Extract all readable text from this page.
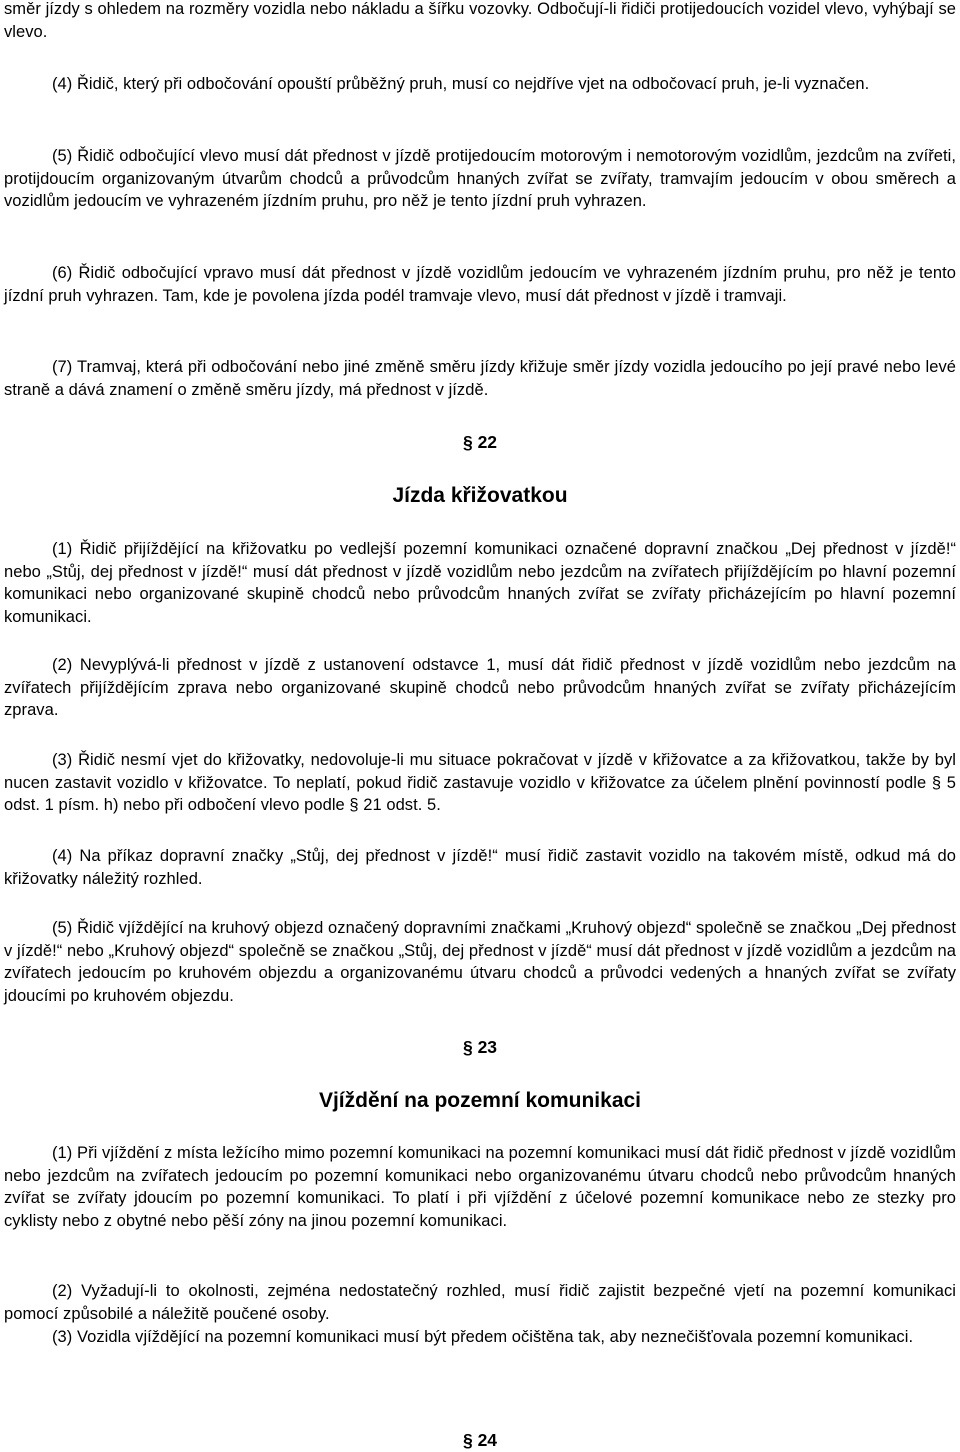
směr jízdy s ohledem na rozměry vozidla nebo nákladu a šířku vozovky. Odbočují-li řidiči protijedoucích vozidel vlevo, vyhýbají se vlevo.

(4) Řidič, který při odbočování opouští průběžný pruh, musí co nejdříve vjet na odbočovací pruh, je-li vyznačen.

(5) Řidič odbočující vlevo musí dát přednost v jízdě protijedoucím motorovým i nemotorovým vozidlům, jezdcům na zvířeti, protijdoucím organizovaným útvarům chodců a průvodcům hnaných zvířat se zvířaty, tramvajím jedoucím v obou směrech a vozidlům jedoucím ve vyhrazeném jízdním pruhu, pro něž je tento jízdní pruh vyhrazen.

(6) Řidič odbočující vpravo musí dát přednost v jízdě vozidlům jedoucím ve vyhrazeném jízdním pruhu, pro něž je tento jízdní pruh vyhrazen. Tam, kde je povolena jízda podél tramvaje vlevo, musí dát přednost v jízdě i tramvaji.

(7) Tramvaj, která při odbočování nebo jiné změně směru jízdy křižuje směr jízdy vozidla jedoucího po její pravé nebo levé straně a dává znamení o změně směru jízdy, má přednost v jízdě.

§ 22

Jízda křižovatkou

(1) Řidič přijíždějící na křižovatku po vedlejší pozemní komunikaci označené dopravní značkou „Dej přednost v jízdě!“ nebo „Stůj, dej přednost v jízdě!“ musí dát přednost v jízdě vozidlům nebo jezdcům na zvířatech přijíždějícím po hlavní pozemní komunikaci nebo organizované skupině chodců nebo průvodcům hnaných zvířat se zvířaty přicházejícím po hlavní pozemní komunikaci.

(2) Nevyplývá-li přednost v jízdě z ustanovení odstavce 1, musí dát řidič přednost v jízdě vozidlům nebo jezdcům na zvířatech přijíždějícím zprava nebo organizované skupině chodců nebo průvodcům hnaných zvířat se zvířaty přicházejícím zprava.

(3) Řidič nesmí vjet do křižovatky, nedovoluje-li mu situace pokračovat v jízdě v křižovatce a za křižovatkou, takže by byl nucen zastavit vozidlo v křižovatce. To neplatí, pokud řidič zastavuje vozidlo v křižovatce za účelem plnění povinností podle § 5 odst. 1 písm. h) nebo při odbočení vlevo podle § 21 odst. 5.

(4) Na příkaz dopravní značky „Stůj, dej přednost v jízdě!“ musí řidič zastavit vozidlo na takovém místě, odkud má do křižovatky náležitý rozhled.

(5) Řidič vjíždějící na kruhový objezd označený dopravními značkami „Kruhový objezd“ společně se značkou „Dej přednost v jízdě!“ nebo „Kruhový objezd“ společně se značkou „Stůj, dej přednost v jízdě“ musí dát přednost v jízdě vozidlům a jezdcům na zvířatech jedoucím po kruhovém objezdu a organizovanému útvaru chodců a průvodci vedených a hnaných zvířat se zvířaty jdoucími po kruhovém objezdu.

§ 23

Vjíždění na pozemní komunikaci

(1) Při vjíždění z místa ležícího mimo pozemní komunikaci na pozemní komunikaci musí dát řidič přednost v jízdě vozidlům nebo jezdcům na zvířatech jedoucím po pozemní komunikaci nebo organizovanému útvaru chodců nebo průvodcům hnaných zvířat se zvířaty jdoucím po pozemní komunikaci. To platí i při vjíždění z účelové pozemní komunikace nebo ze stezky pro cyklisty nebo z obytné nebo pěší zóny na jinou pozemní komunikaci.

(2) Vyžadují-li to okolnosti, zejména nedostatečný rozhled, musí řidič zajistit bezpečné vjetí na pozemní komunikaci pomocí způsobilé a náležitě poučené osoby.

(3) Vozidla vjíždějící na pozemní komunikaci musí být předem očištěna tak, aby neznečišťovala pozemní komunikaci.

§ 24
